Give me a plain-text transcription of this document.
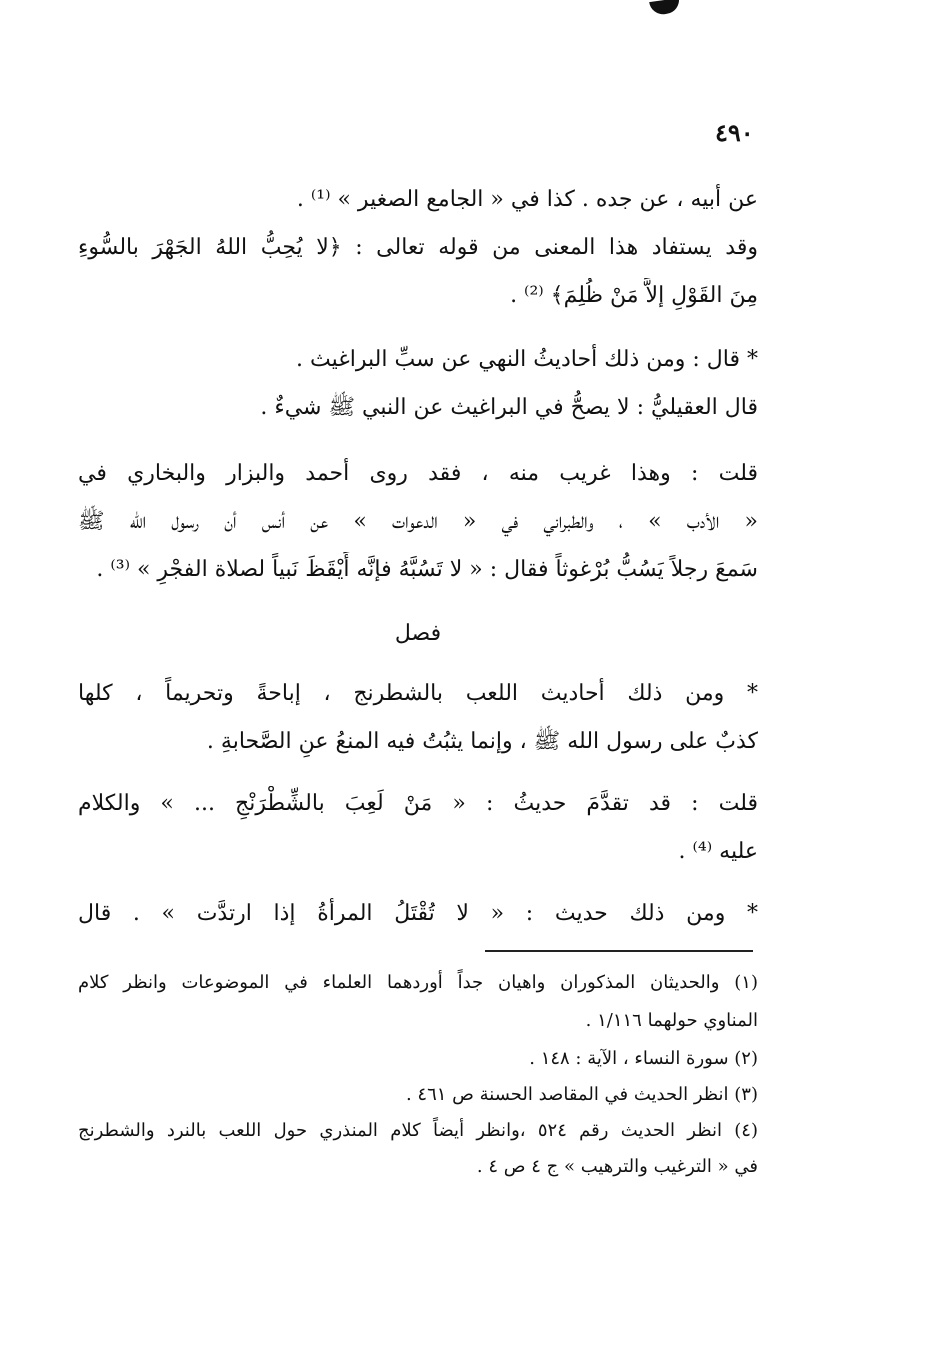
٤٩٠
عن أبيه ، عن جده . كذا في « الجامع الصغير » ⁽¹⁾ .
وقد يستفاد هذا المعنى من قوله تعالى : ﴿لا يُحِبُّ اللهُ الجَهْرَ بالسُّوءِ
مِنَ القَوْلِ إلاَّ مَنْ ظُلِمَ﴾ ⁽²⁾ .
* قال : ومن ذلك أحاديثُ النهي عن سبِّ البراغيث .
قال العقيليُّ : لا يصحُّ في البراغيث عن النبي ﷺ شيءٌ .
قلت : وهذا غريب منه ، فقد روى أحمد والبزار والبخاري في
« الأدب » ، والطبراني في « الدعوات » عن أنس أن رسول الله ﷺ
سَمعَ رجلاً يَسُبُّ بُرْغوثاً فقال : « لا تَسُبَّهُ فإنَّه أَيْقَظَ نَبياً لصلاة الفجْرِ » ⁽³⁾ .
فصل
* ومن ذلك أحاديث اللعب بالشطرنج ، إباحةً وتحريماً ، كلها
كذبٌ على رسول الله ﷺ ، وإنما يثبُتُ فيه المنعُ عنِ الصَّحابةِ .
قلت : قد تقدَّمَ حديثُ : « مَنْ لَعِبَ بالشِّطْرَنْجِ ... » والكلام
عليه ⁽⁴⁾ .
* ومن ذلك حديث : « لا تُقْتَلُ المرأةُ إذا ارتدَّت » . قال
(١) والحديثان المذكوران واهيان جداً أوردهما العلماء في الموضوعات وانظر كلام
المناوي حولهما ١/١١٦ .
(٢) سورة النساء ، الآية : ١٤٨ .
(٣) انظر الحديث في المقاصد الحسنة ص ٤٦١ .
(٤) انظر الحديث رقم ٥٢٤ ،وانظر أيضاً كلام المنذري حول اللعب بالنرد والشطرنج
في « الترغيب والترهيب » ج ٤ ص ٤ .
